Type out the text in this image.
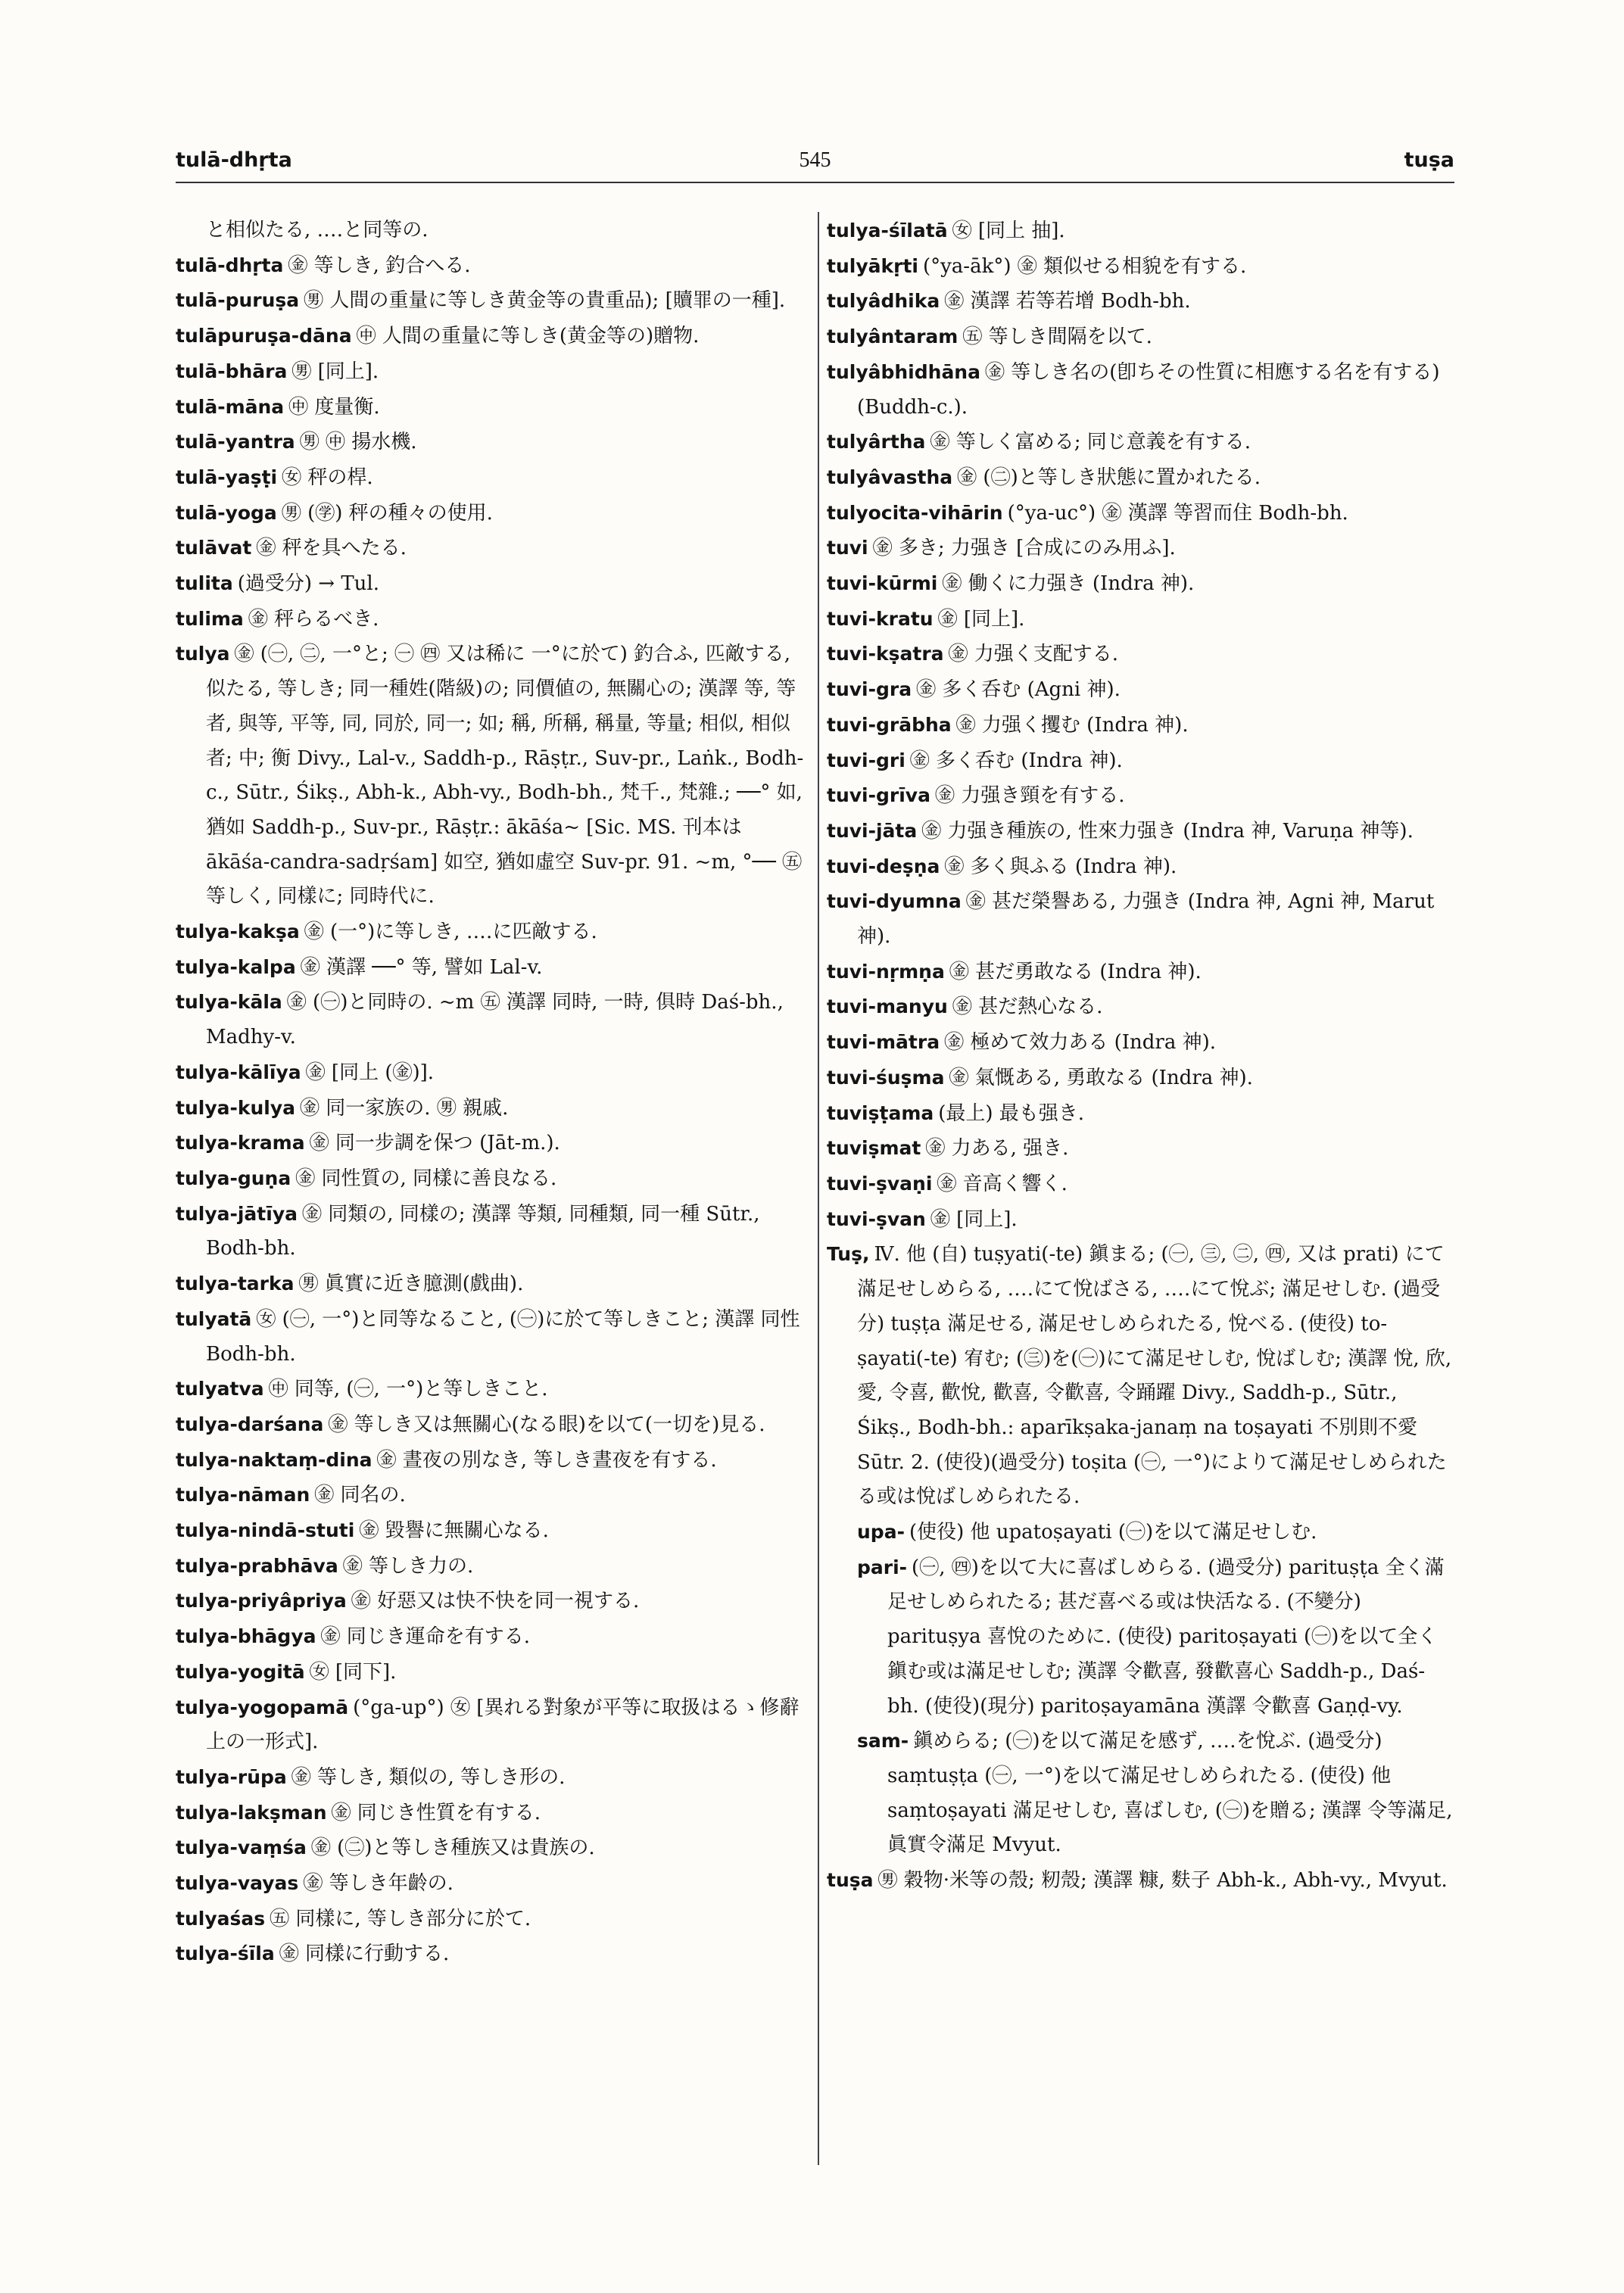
tulā-dhṛta	545	tuṣa
と相似たる, ‥‥と同等の.
tulā-dhṛta ㊎ 等しき, 釣合へる.
tulā-puruṣa ㊚ 人間の重量に等しき黄金等の貴重品); [贖罪の一種].
tulāpuruṣa-dāna ㊥ 人間の重量に等しき(黄金等の)贈物.
tulā-bhāra ㊚ [同上].
tulā-māna ㊥ 度量衡.
tulā-yantra ㊚ ㊥ 揚水機.
tulā-yaṣṭi ㊛ 秤の桿.
tulā-yoga ㊚ (㊫) 秤の種々の使用.
tulāvat ㊎ 秤を具へたる.
tulita (過受分) → Tul.
tulima ㊎ 秤らるべき.
tulya ㊎ (㊀, ㊁, 一°と; ㊀ ㊃ 又は稀に 一°に於て) 釣合ふ, 匹敵する, 似たる, 等しき; 同一種姓(階級)の; 同價値の, 無關心の; 漢譯 等, 等者, 與等, 平等, 同, 同於, 同一; 如; 稱, 所稱, 稱量, 等量; 相似, 相似者; 中; 衡 Divy., Lal-v., Saddh-p., Rāṣṭr., Suv-pr., Laṅk., Bodh-c., Sūtr., Śikṣ., Abh-k., Abh-vy., Bodh-bh., 梵千., 梵雜.; ──° 如, 猶如 Saddh-p., Suv-pr., Rāṣṭr.: ākāśa~ [Sic. MS. 刊本は ākāśa-candra-sadṛśam] 如空, 猶如虛空 Suv-pr. 91. ~m, °── ㊄ 等しく, 同樣に; 同時代に.
tulya-kakṣa ㊎ (一°)に等しき, ‥‥に匹敵する.
tulya-kalpa ㊎ 漢譯 ──° 等, 譬如 Lal-v.
tulya-kāla ㊎ (㊀)と同時の. ~m ㊄ 漢譯 同時, 一時, 俱時 Daś-bh., Madhy-v.
tulya-kālīya ㊎ [同上 (㊎)].
tulya-kulya ㊎ 同一家族の. ㊚ 親戚.
tulya-krama ㊎ 同一步調を保つ (Jāt-m.).
tulya-guṇa ㊎ 同性質の, 同樣に善良なる.
tulya-jātīya ㊎ 同類の, 同樣の; 漢譯 等類, 同種類, 同一種 Sūtr., Bodh-bh.
tulya-tarka ㊚ 眞實に近き臆測(戲曲).
tulyatā ㊛ (㊀, 一°)と同等なること, (㊀)に於て等しきこと; 漢譯 同性 Bodh-bh.
tulyatva ㊥ 同等, (㊀, 一°)と等しきこと.
tulya-darśana ㊎ 等しき又は無關心(なる眼)を以て(一切を)見る.
tulya-naktaṃ-dina ㊎ 晝夜の別なき, 等しき晝夜を有する.
tulya-nāman ㊎ 同名の.
tulya-nindā-stuti ㊎ 毀譽に無關心なる.
tulya-prabhāva ㊎ 等しき力の.
tulya-priyâpriya ㊎ 好惡又は快不快を同一視する.
tulya-bhāgya ㊎ 同じき運命を有する.
tulya-yogitā ㊛ [同下].
tulya-yogopamā (°ga-up°) ㊛ [異れる對象が平等に取扱はるゝ修辭上の一形式].
tulya-rūpa ㊎ 等しき, 類似の, 等しき形の.
tulya-lakṣman ㊎ 同じき性質を有する.
tulya-vaṃśa ㊎ (㊁)と等しき種族又は貴族の.
tulya-vayas ㊎ 等しき年齡の.
tulyaśas ㊄ 同樣に, 等しき部分に於て.
tulya-śīla ㊎ 同樣に行動する.
tulya-śīlatā ㊛ [同上 抽].
tulyākṛti (°ya-āk°) ㊎ 類似せる相貌を有する.
tulyâdhika ㊎ 漢譯 若等若增 Bodh-bh.
tulyântaram ㊄ 等しき間隔を以て.
tulyâbhidhāna ㊎ 等しき名の(卽ちその性質に相應する名を有する) (Buddh-c.).
tulyârtha ㊎ 等しく富める; 同じ意義を有する.
tulyâvastha ㊎ (㊁)と等しき狀態に置かれたる.
tulyocita-vihārin (°ya-uc°) ㊎ 漢譯 等習而住 Bodh-bh.
tuvi ㊎ 多き; 力强き [合成にのみ用ふ].
tuvi-kūrmi ㊎ 働くに力强き (Indra 神).
tuvi-kratu ㊎ [同上].
tuvi-kṣatra ㊎ 力强く支配する.
tuvi-gra ㊎ 多く呑む (Agni 神).
tuvi-grābha ㊎ 力强く攫む (Indra 神).
tuvi-gri ㊎ 多く呑む (Indra 神).
tuvi-grīva ㊎ 力强き頸を有する.
tuvi-jāta ㊎ 力强き種族の, 性來力强き (Indra 神, Varuṇa 神等).
tuvi-deṣṇa ㊎ 多く與ふる (Indra 神).
tuvi-dyumna ㊎ 甚だ榮譽ある, 力强き (Indra 神, Agni 神, Marut 神).
tuvi-nṛmṇa ㊎ 甚だ勇敢なる (Indra 神).
tuvi-manyu ㊎ 甚だ熱心なる.
tuvi-mātra ㊎ 極めて效力ある (Indra 神).
tuvi-śuṣma ㊎ 氣慨ある, 勇敢なる (Indra 神).
tuviṣṭama (最上) 最も强き.
tuviṣmat ㊎ 力ある, 强き.
tuvi-ṣvaṇi ㊎ 音高く響く.
tuvi-ṣvan ㊎ [同上].
Tuṣ, Ⅳ. 他 (自) tuṣyati(-te) 鎭まる; (㊀, ㊂, ㊁, ㊃, 又は prati) にて滿足せしめらる, ‥‥にて悅ばさる, ‥‥にて悅ぶ; 滿足せしむ. (過受分) tuṣṭa 滿足せる, 滿足せしめられたる, 悅べる. (使役) to-ṣayati(-te) 宥む; (㊂)を(㊀)にて滿足せしむ, 悅ばしむ; 漢譯 悅, 欣, 愛, 令喜, 歡悅, 歡喜, 令歡喜, 令踊躍 Divy., Saddh-p., Sūtr., Śikṣ., Bodh-bh.: aparīkṣaka-janaṃ na toṣayati 不別則不愛 Sūtr. 2. (使役)(過受分) toṣita (㊀, 一°)によりて滿足せしめられたる或は悅ばしめられたる.
upa- (使役) 他 upatoṣayati (㊀)を以て滿足せしむ.
pari- (㊀, ㊃)を以て大に喜ばしめらる. (過受分) parituṣṭa 全く滿足せしめられたる; 甚だ喜べる或は快活なる. (不變分) parituṣya 喜悅のために. (使役) paritoṣayati (㊀)を以て全く鎭む或は滿足せしむ; 漢譯 令歡喜, 發歡喜心 Saddh-p., Daś-bh. (使役)(現分) paritoṣayamāna 漢譯 令歡喜 Gaṇḍ-vy.
sam- 鎭めらる; (㊀)を以て滿足を感ず, ‥‥を悅ぶ. (過受分) saṃtuṣṭa (㊀, 一°)を以て滿足せしめられたる. (使役) 他 saṃtoṣayati 滿足せしむ, 喜ばしむ, (㊀)を贈る; 漢譯 令等滿足, 眞實令滿足 Mvyut.
tuṣa ㊚ 穀物·米等の殼; 籾殼; 漢譯 糠, 麩子 Abh-k., Abh-vy., Mvyut.
